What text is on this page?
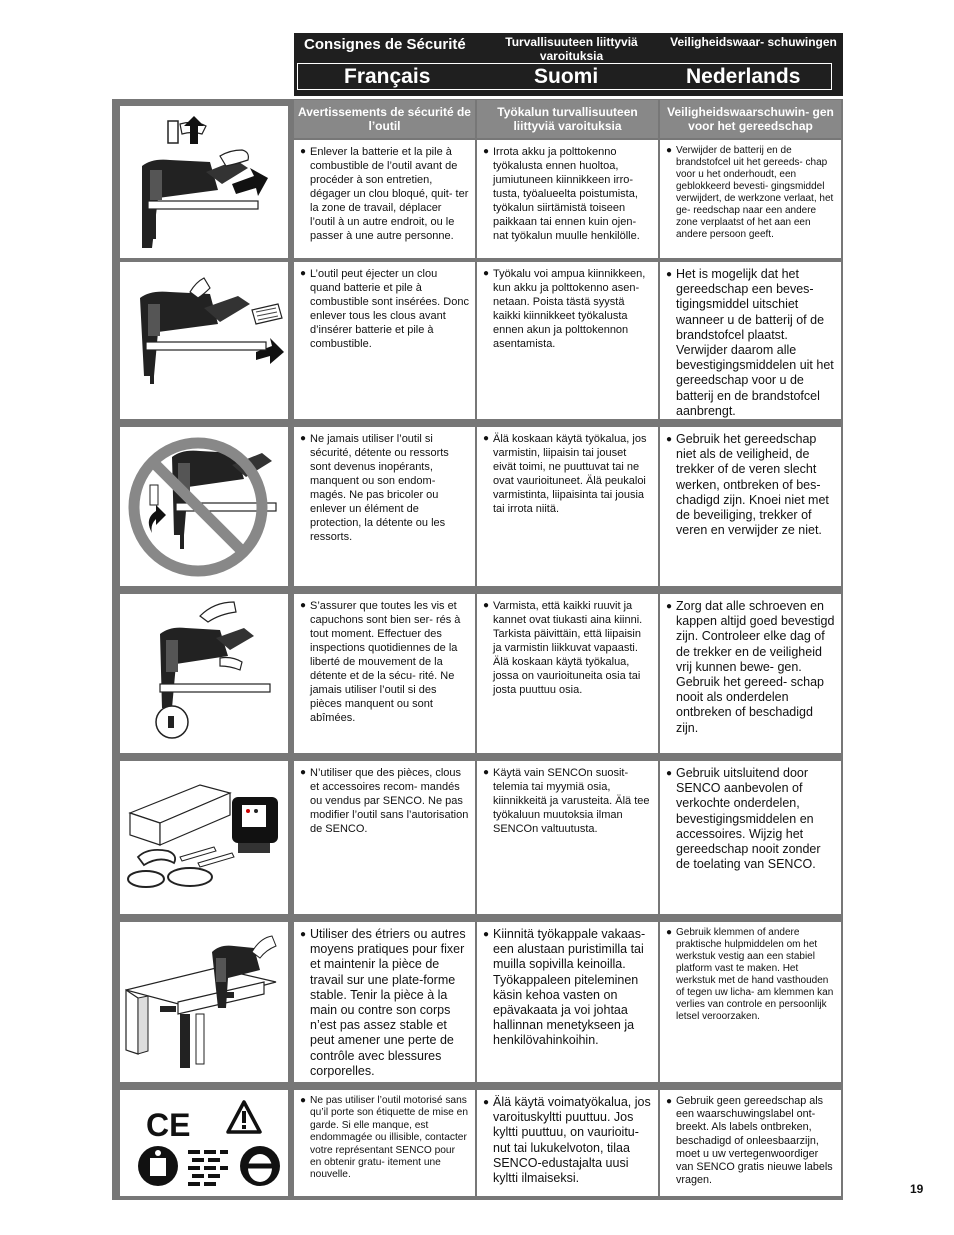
Consignes de Sécurité
Français
Turvallisuuteen liittyviä varoituksia
Suomi
Veiligheidswaar- schuwingen
Nederlands
Avertissements de sécurité de l’outil
Työkalun turvallisuuteen liittyviä varoituksia
Veiligheidswaarschuwin- gen voor het gereedschap
● Enlever la batterie et la pile à combustible de l’outil avant de procéder à son entretien, dégager un clou bloqué, quit- ter la zone de travail, déplacer l’outil à un autre endroit, ou le passer à une autre personne.
● Irrota akku ja polttokenno työkalusta ennen huoltoa, jumiutuneen kiinnikkeen irro- tusta, työalueelta poistumista, työkalun siirtämistä toiseen paikkaan tai ennen kuin ojen- nat työkalun muulle henkilölle.
● Verwijder de batterij en de brandstofcel uit het gereeds- chap voor u het onderhoudt, een geblokkeerd bevesti- gingsmiddel verwijdert, de werkzone verlaat, het ge- reedschap naar een andere zone verplaatst of het aan een andere persoon geeft.
● L’outil peut éjecter un clou quand batterie et pile à combustible sont insérées. Donc enlever tous les clous avant d’insérer batterie et pile à combustible.
● Työkalu voi ampua kiinnikkeen, kun akku ja polttokenno asen- netaan. Poista tästä syystä kaikki kiinnikkeet työkalusta ennen akun ja polttokennon asentamista.
● Het is mogelijk dat het gereedschap een beves- tigingsmiddel uitschiet wanneer u de batterij of de brandstofcel plaatst. Verwijder daarom alle bevestigingsmiddelen uit het gereedschap voor u de batterij en de brandstofcel aanbrengt.
● Ne jamais utiliser l’outil si sécurité, détente ou ressorts sont devenus inopérants, manquent ou son endom- magés. Ne pas bricoler ou enlever un élément de protection, la détente ou les ressorts.
● Älä koskaan käytä työkalua, jos varmistin, liipaisin tai jouset eivät toimi, ne puuttuvat tai ne ovat vaurioituneet. Älä peukaloi varmistinta, liipaisinta tai jousia tai irrota niitä.
● Gebruik het gereedschap niet als de veiligheid, de trekker of de veren slecht werken, ontbreken of bes- chadigd zijn. Knoei niet met de beveiliging, trekker of veren en verwijder ze niet.
● S’assurer que toutes les vis et capuchons sont bien ser- rés à tout moment. Effectuer des inspections quotidiennes de la liberté de mouvement de la détente et de la sécu- rité. Ne jamais utiliser l’outil si des pièces manquent ou sont abîmées.
● Varmista, että kaikki ruuvit ja kannet ovat tiukasti aina kiinni. Tarkista päivittäin, että liipaisin ja varmistin liikkuvat vapaasti. Älä koskaan käytä työkalua, jossa on vaurioituneita osia tai josta puuttuu osia.
● Zorg dat alle schroeven en kappen altijd goed bevestigd zijn. Controleer elke dag of de trekker en de veiligheid vrij kunnen bewe- gen. Gebruik het gereed- schap nooit als onderdelen ontbreken of beschadigd zijn.
● N’utiliser que des pièces, clous et accessoires recom- mandés ou vendus par SENCO. Ne pas modifier l’outil sans l’autorisation de SENCO.
● Käytä vain SENCOn suosit- telemia tai myymiä osia, kiinnikkeitä ja varusteita. Älä tee työkaluun muutoksia ilman SENCOn valtuutusta.
● Gebruik uitsluitend door SENCO aanbevolen of verkochte onderdelen, bevestigingsmiddelen en accessoires. Wijzig het gereedschap nooit zonder de toelating van SENCO.
● Utiliser des étriers ou autres moyens pratiques pour fixer et maintenir la pièce de travail sur une plate-forme stable. Tenir la pièce à la main ou contre son corps n’est pas assez stable et peut amener une perte de contrôle avec blessures corporelles.
● Kiinnitä työkappale vakaas- een alustaan puristimilla tai muilla sopivilla keinoilla. Työkappaleen piteleminen käsin kehoa vasten on epävakaata ja voi johtaa hallinnan menetykseen ja henkilövahinkoihin.
● Gebruik klemmen of andere praktische hulpmiddelen om het werkstuk vestig aan een stabiel platform vast te maken. Het werkstuk met de hand vasthouden of tegen uw licha- am klemmen kan verlies van controle en persoonlijk letsel veroorzaken.
CE
● Ne pas utiliser l’outil motorisé sans qu’il porte son étiquette de mise en garde. Si elle manque, est endommagée ou illisible, contacter votre représentant SENCO pour en obtenir gratu- itement une nouvelle.
● Älä käytä voimatyökalua, jos varoituskyltti puuttuu. Jos kyltti puuttuu, on vaurioitu- nut tai lukukelvoton, tilaa SENCO-edustajalta uusi kyltti ilmaiseksi.
● Gebruik geen gereedschap als een waarschuwingslabel ont- breekt. Als labels ontbreken, beschadigd of onleesbaarzijn, moet u uw vertegenwoordiger van SENCO gratis nieuwe labels vragen.
19
